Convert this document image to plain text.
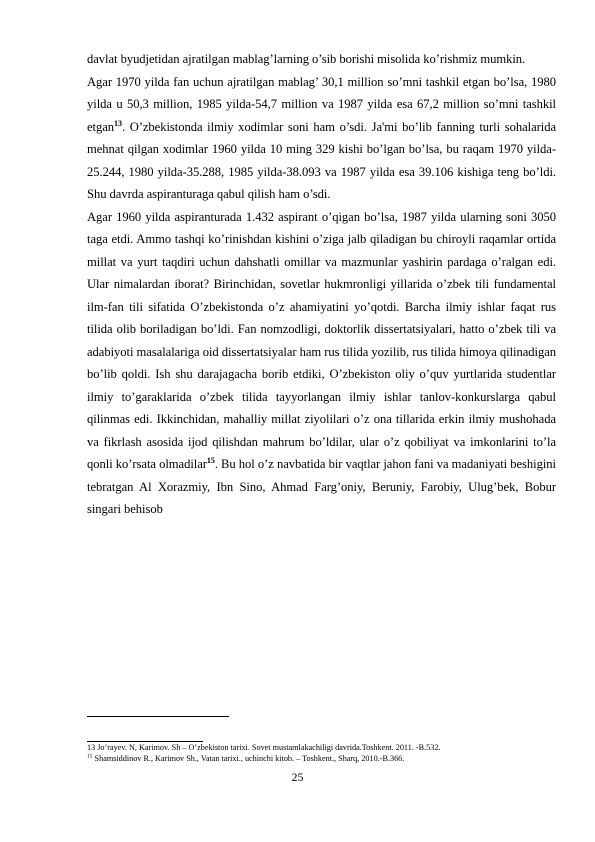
davlat byudjetidan ajratilgan mablag’larning o’sib borishi misolida ko’rishmiz mumkin.

Agar 1970 yilda fan uchun ajratilgan mablag’ 30,1 million so’mni tashkil etgan bo’lsa, 1980 yilda u 50,3 million, 1985 yilda-54,7 million va 1987 yilda esa 67,2 million so’mni tashkil etgan$^{13}$. O’zbekistonda ilmiy xodimlar soni ham o’sdi. Ja'mi bo’lib fanning turli sohalarida mehnat qilgan xodimlar 1960 yilda 10 ming 329 kishi bo’lgan bo’lsa, bu raqam 1970 yilda-25.244, 1980 yilda-35.288, 1985 yilda-38.093 va 1987 yilda esa 39.106 kishiga teng bo’ldi. Shu davrda aspiranturaga qabul qilish ham o’sdi.

Agar 1960 yilda aspiranturada 1.432 aspirant o’qigan bo’lsa, 1987 yilda ularning soni 3050 taga etdi. Ammo tashqi ko’rinishdan kishini o’ziga jalb qiladigan bu chiroyli raqamlar ortida millat va yurt taqdiri uchun dahshatli omillar va mazmunlar yashirin pardaga o’ralgan edi. Ular nimalardan iborat? Birinchidan, sovetlar hukmronligi yillarida o’zbek tili fundamental ilm-fan tili sifatida O’zbekistonda o’z ahamiyatini yo’qotdi. Barcha ilmiy ishlar faqat rus tilida olib boriladigan bo’ldi. Fan nomzodligi, doktorlik dissertatsiyalari, hatto o’zbek tili va adabiyoti masalalariga oid dissertatsiyalar ham rus tilida yozilib, rus tilida himoya qilinadigan bo’lib qoldi. Ish shu darajagacha borib etdiki, O’zbekiston oliy o’quv yurtlarida studentlar ilmiy to’garaklarida o’zbek tilida tayyorlangan ilmiy ishlar tanlov-konkurslarga qabul qilinmas edi. Ikkinchidan, mahalliy millat ziyolilari o’z ona tillarida erkin ilmiy mushohada va fikrlash asosida ijod qilishdan mahrum bo’ldilar, ular o’z qobiliyat va imkonlarini to’la qonli ko’rsata olmadilar$^{15}$. Bu hol o’z navbatida bir vaqtlar jahon fani va madaniyati beshigini tebratgan Al Xorazmiy, Ibn Sino, Ahmad Farg’oniy, Beruniy, Farobiy, Ulug’bek, Bobur singari behisob

13 Jo’rayev. N, Karimov. Sh – O’zbekiston tarixi. Sovet mustamlakachiligi davrida.Toshkent. 2011. -B.532.
$^{15}$ Shamsiddinov R., Karimov Sh., Vatan tarixi., uchinchi kitob. – Toshkent., Sharq, 2010.-B.366.
25
